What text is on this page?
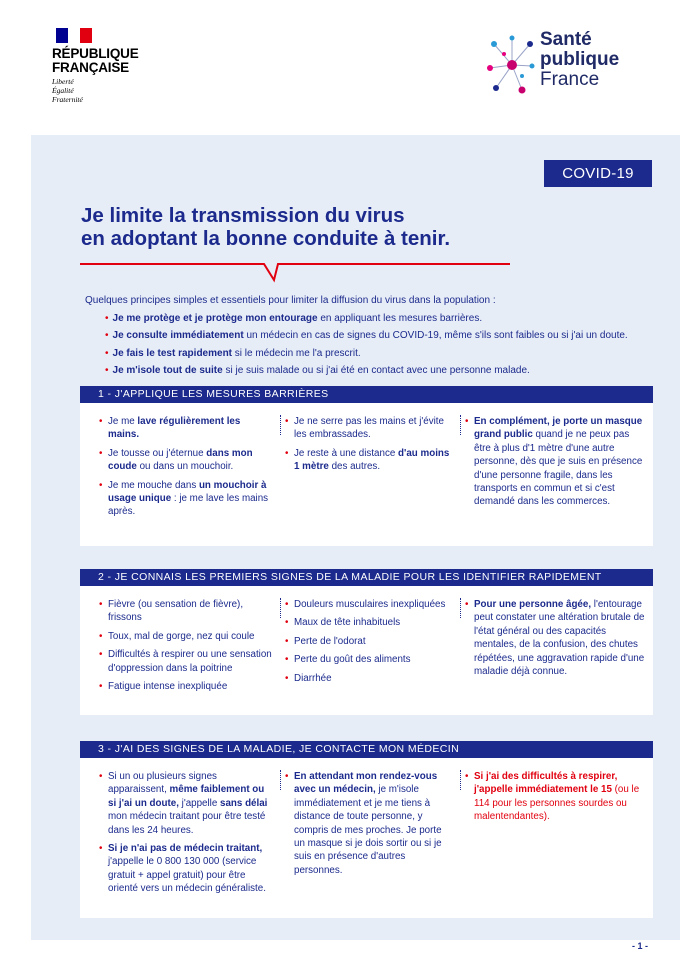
RÉPUBLIQUE
FRANÇAISE
Liberté
Égalité
Fraternité
Santé
publique
France
COVID-19
Je limite la transmission du virus
en adoptant la bonne conduite à tenir.
Quelques principes simples et essentiels pour limiter la diffusion du virus dans la population :
• Je me protège et je protège mon entourage en appliquant les mesures barrières.
• Je consulte immédiatement un médecin en cas de signes du COVID-19, même s'ils sont faibles ou si j'ai un doute.
• Je fais le test rapidement si le médecin me l'a prescrit.
• Je m'isole tout de suite si je suis malade ou si j'ai été en contact avec une personne malade.
1 - J'APPLIQUE LES MESURES BARRIÈRES
• Je me lave régulièrement les mains.
• Je tousse ou j'éternue dans mon coude ou dans un mouchoir.
• Je me mouche dans un mouchoir à usage unique : je me lave les mains après.
• Je ne serre pas les mains et j'évite les embrassades.
• Je reste à une distance d'au moins 1 mètre des autres.
• En complément, je porte un masque grand public quand je ne peux pas être à plus d'1 mètre d'une autre personne, dès que je suis en présence d'une personne fragile, dans les transports en commun et si c'est demandé dans les commerces.
2 - JE CONNAIS LES PREMIERS SIGNES DE LA MALADIE POUR LES IDENTIFIER RAPIDEMENT
• Fièvre (ou sensation de fièvre), frissons
• Toux, mal de gorge, nez qui coule
• Difficultés à respirer ou une sensation d'oppression dans la poitrine
• Fatigue intense inexpliquée
• Douleurs musculaires inexpliquées
• Maux de tête inhabituels
• Perte de l'odorat
• Perte du goût des aliments
• Diarrhée
• Pour une personne âgée, l'entourage peut constater une altération brutale de l'état général ou des capacités mentales, de la confusion, des chutes répétées, une aggravation rapide d'une maladie déjà connue.
3 - J'AI DES SIGNES DE LA MALADIE, JE CONTACTE MON MÉDECIN
• Si un ou plusieurs signes apparaissent, même faiblement ou si j'ai un doute, j'appelle sans délai mon médecin traitant pour être testé dans les 24 heures.
• Si je n'ai pas de médecin traitant, j'appelle le 0 800 130 000 (service gratuit + appel gratuit) pour être orienté vers un médecin généraliste.
• En attendant mon rendez-vous avec un médecin, je m'isole immédiatement et je me tiens à distance de toute personne, y compris de mes proches. Je porte un masque si je dois sortir ou si je suis en présence d'autres personnes.
• Si j'ai des difficultés à respirer, j'appelle immédiatement le 15 (ou le 114 pour les personnes sourdes ou malentendantes).
- 1 -
